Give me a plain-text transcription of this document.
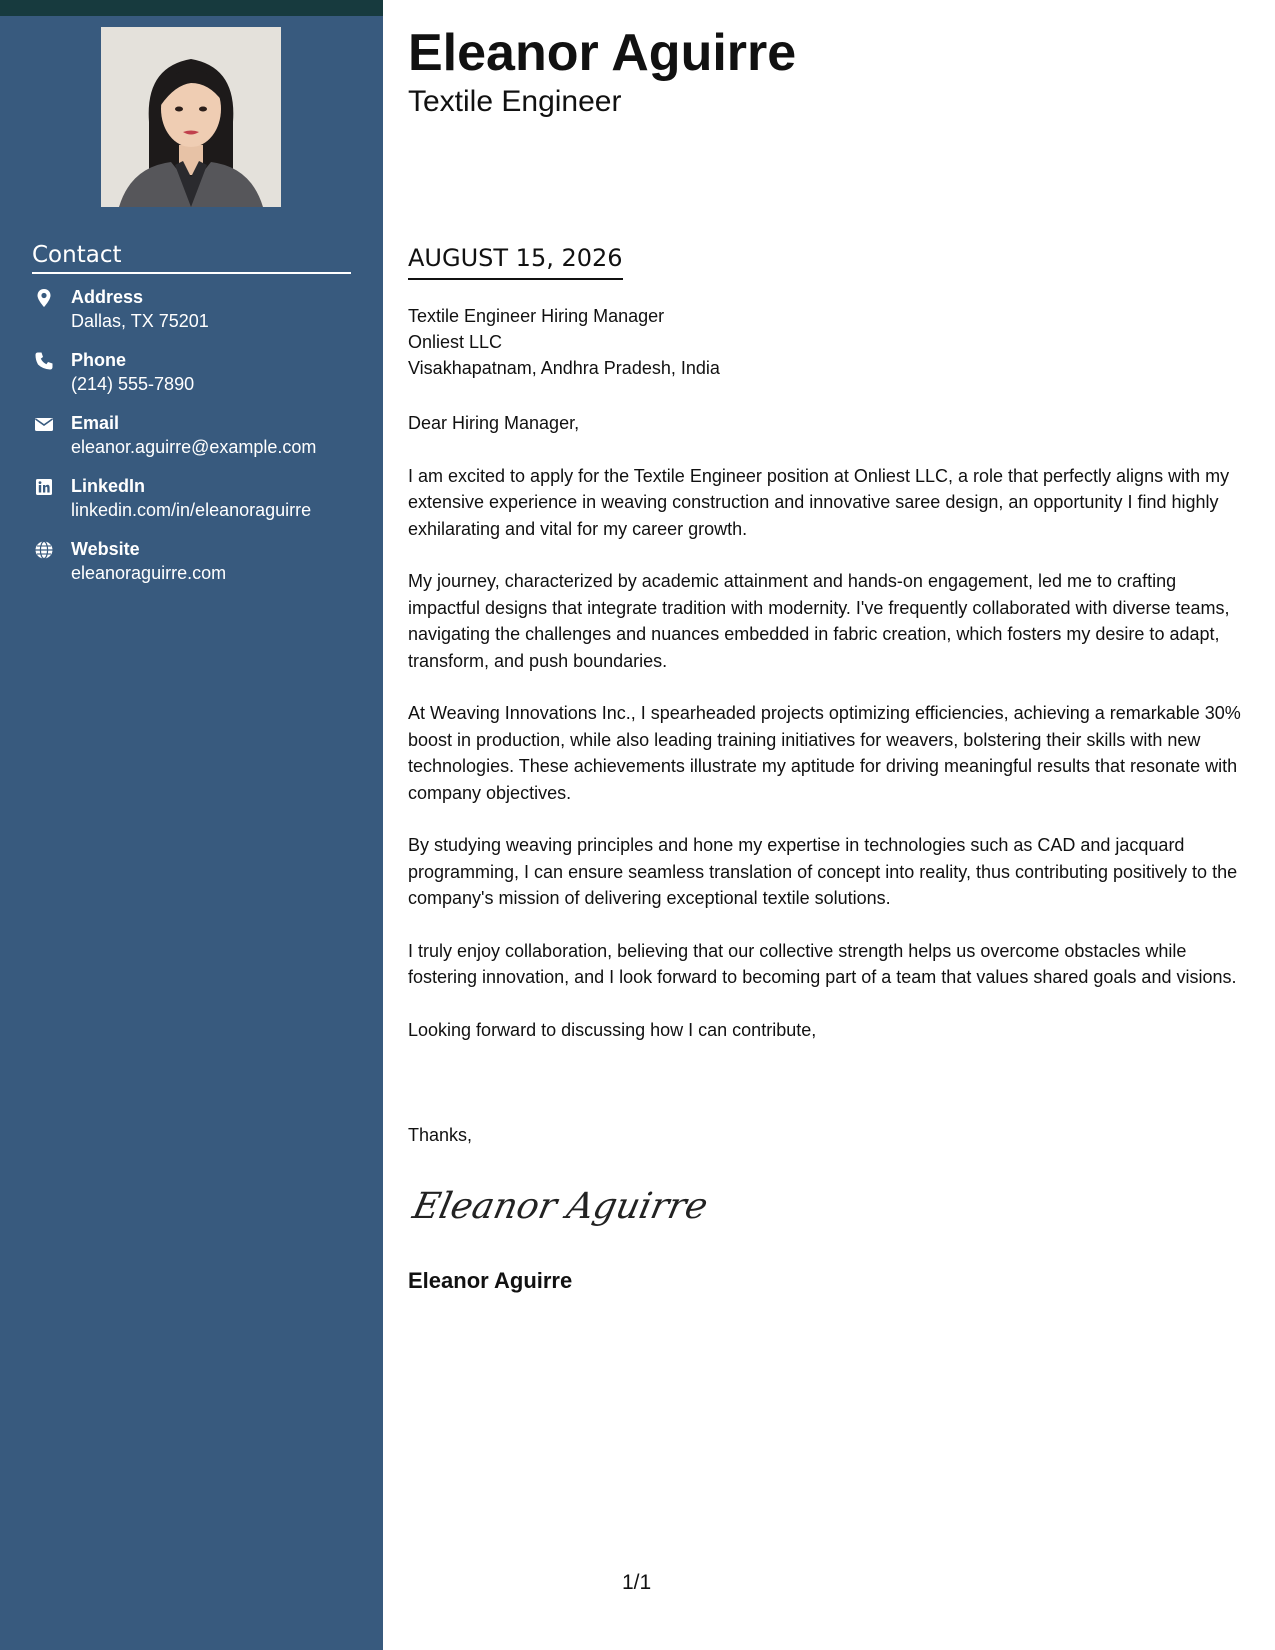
Contact
Address
Dallas, TX 75201
Phone
(214) 555-7890
Email
eleanor.aguirre@example.com
LinkedIn
linkedin.com/in/eleanoraguirre
Website
eleanoraguirre.com
Eleanor Aguirre
Textile Engineer
AUGUST 15, 2026
Textile Engineer Hiring Manager
Onliest LLC
Visakhapatnam, Andhra Pradesh, India

Dear Hiring Manager,

I am excited to apply for the Textile Engineer position at Onliest LLC, a role that perfectly aligns with my extensive experience in weaving construction and innovative saree design, an opportunity I find highly exhilarating and vital for my career growth.

My journey, characterized by academic attainment and hands-on engagement, led me to crafting impactful designs that integrate tradition with modernity. I've frequently collaborated with diverse teams, navigating the challenges and nuances embedded in fabric creation, which fosters my desire to adapt, transform, and push boundaries.

At Weaving Innovations Inc., I spearheaded projects optimizing efficiencies, achieving a remarkable 30% boost in production, while also leading training initiatives for weavers, bolstering their skills with new technologies. These achievements illustrate my aptitude for driving meaningful results that resonate with company objectives.

By studying weaving principles and hone my expertise in technologies such as CAD and jacquard programming, I can ensure seamless translation of concept into reality, thus contributing positively to the company's mission of delivering exceptional textile solutions.

I truly enjoy collaboration, believing that our collective strength helps us overcome obstacles while fostering innovation, and I look forward to becoming part of a team that values shared goals and visions.

Looking forward to discussing how I can contribute,

Thanks,
Eleanor Aguirre
Eleanor Aguirre
1/1
